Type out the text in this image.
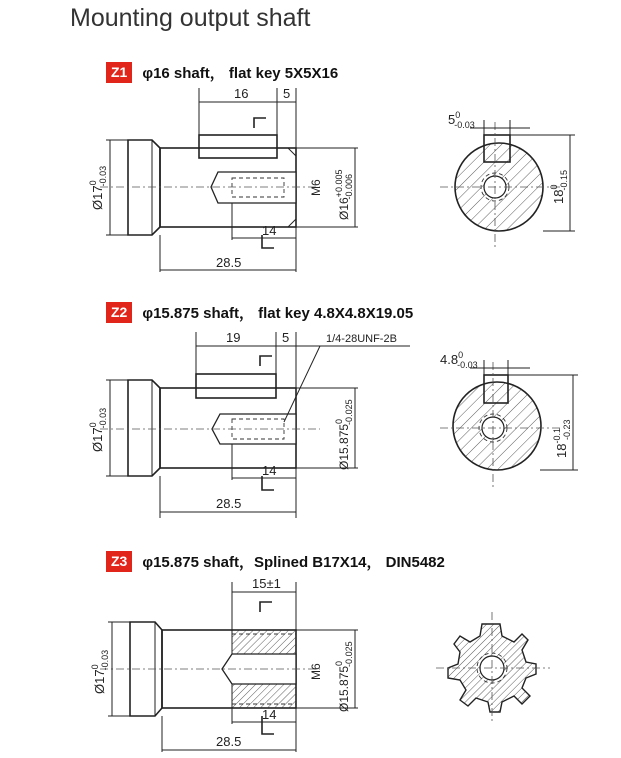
Mounting output shaft
Z1	φ16 shaft， flat key 5X5X16
16	5
14
28.5
$Ø17^0-0.03$
M6
$Ø16^{+0.005}-0.006$
$5^0$ -0.03
$18^0-0.15$
Z2	φ15.875 shaft， flat key 4.8X4.8X19.05
19	5	1/4-28UNF-2B
14
28.5
$Ø17^0-0.03$
Ø15.875$^0$-0.025
$4.8^0$ -0.03
$18^{-0.1}-0.23$
Z3	φ15.875 shaft，Splined B17X14， DIN5482
15±1
14
28.5
$Ø17^0-0.03$
M6 Ø15.875$^0$-0.025
